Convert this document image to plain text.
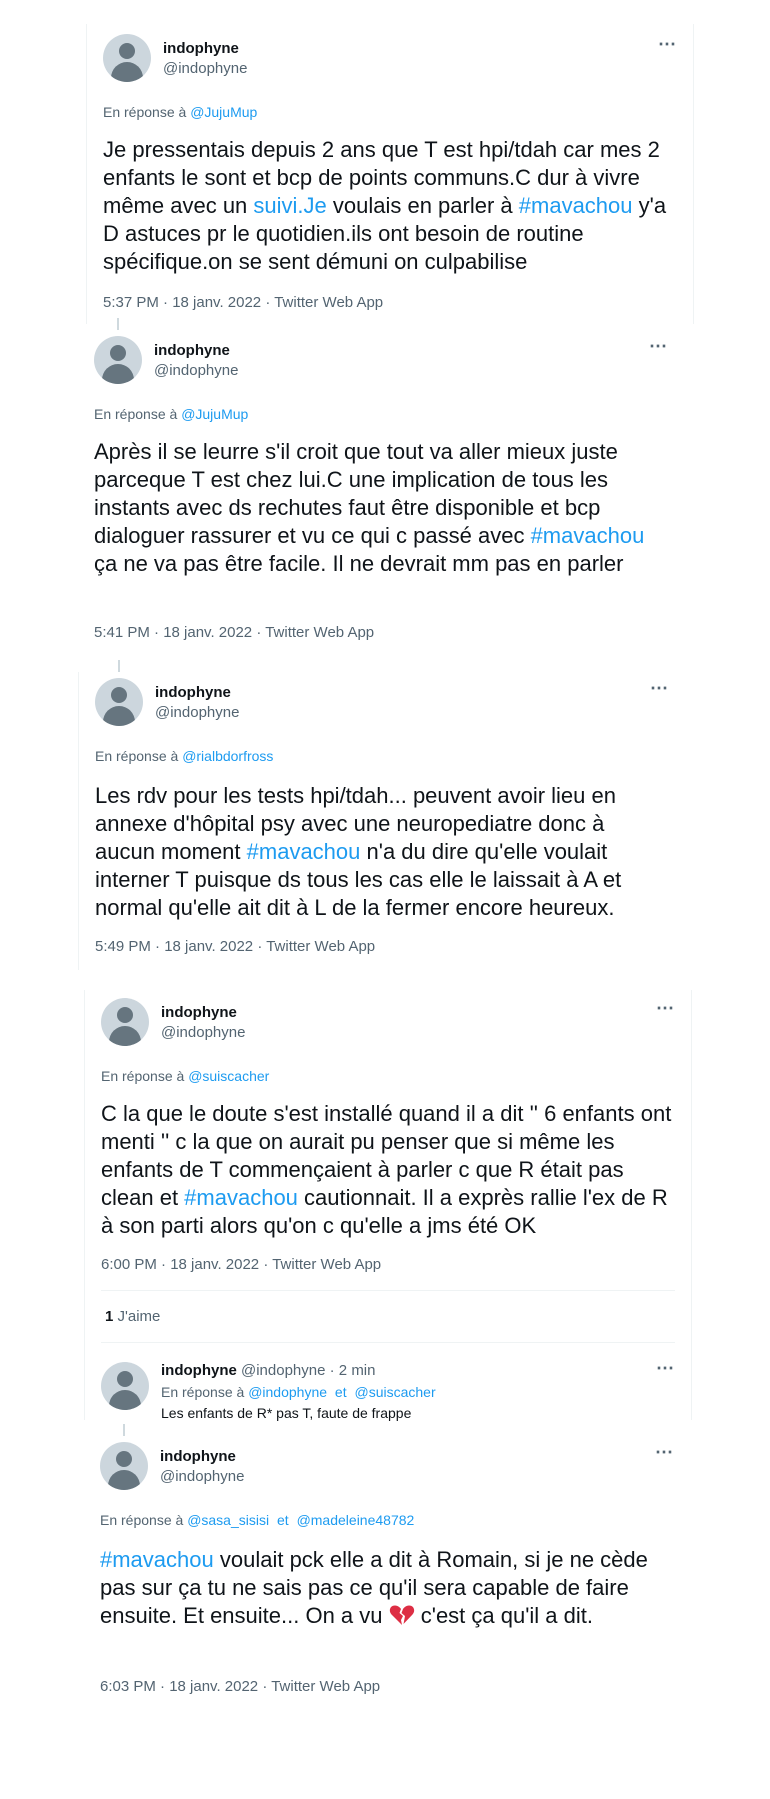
indophyne
@indophyne
⋯
En réponse à @JujuMup
Je pressentais depuis 2 ans que T est hpi/tdah car mes 2 enfants le sont et bcp de points communs.C dur à vivre même avec un suivi.Je voulais en parler à #mavachou y'a D astuces pr le quotidien.ils ont besoin de routine spécifique.on se sent démuni on culpabilise
5:37 PM · 18 janv. 2022 · Twitter Web App
indophyne
@indophyne
⋯
En réponse à @JujuMup
Après il se leurre s'il croit que tout va aller mieux juste parceque T est chez lui.C une implication de tous les instants avec ds rechutes faut être disponible et bcp dialoguer rassurer et vu ce qui c passé avec #mavachou ça ne va pas être facile. Il ne devrait mm pas en parler
5:41 PM · 18 janv. 2022 · Twitter Web App
indophyne
@indophyne
⋯
En réponse à @rialbdorfross
Les rdv pour les tests hpi/tdah... peuvent avoir lieu en annexe d'hôpital psy avec une neuropediatre donc à aucun moment #mavachou n'a du dire qu'elle voulait interner T puisque ds tous les cas elle le laissait à A et normal qu'elle ait dit à L de la fermer encore heureux.
5:49 PM · 18 janv. 2022 · Twitter Web App
indophyne
@indophyne
⋯
En réponse à @suiscacher
C la que le doute s'est installé quand il a dit '' 6 enfants ont menti '' c la que on aurait pu penser que si même les enfants de T commençaient à parler c que R était pas clean et #mavachou cautionnait. Il a exprès rallie l'ex de R à son parti alors qu'on c qu'elle a jms été OK
6:00 PM · 18 janv. 2022 · Twitter Web App
1 J'aime
indophyne @indophyne · 2 min	⋯
En réponse à @indophyne et @suiscacher
Les enfants de R* pas T, faute de frappe
indophyne
@indophyne
⋯
En réponse à @sasa_sisisi et @madeleine48782
#mavachou voulait pck elle a dit à Romain, si je ne cède pas sur ça tu ne sais pas ce qu'il sera capable de faire ensuite. Et ensuite... On a vu  c'est ça qu'il a dit.
6:03 PM · 18 janv. 2022 · Twitter Web App
